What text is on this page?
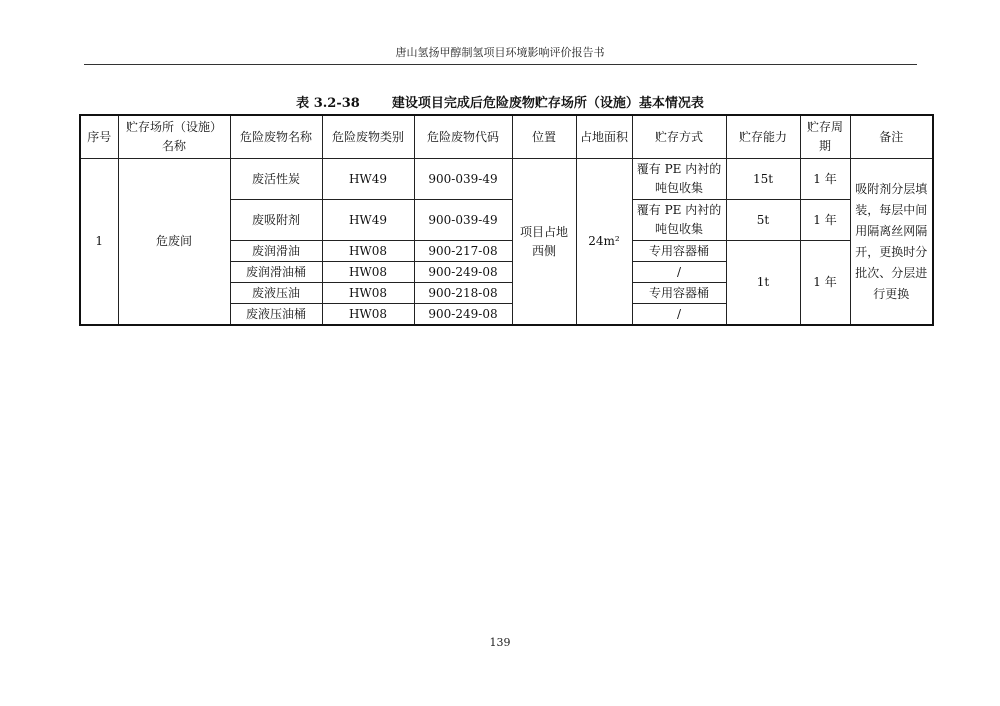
唐山氢扬甲醇制氢项目环境影响评价报告书
表 3.2-38 建设项目完成后危险废物贮存场所（设施）基本情况表
序号	贮存场所（设施）名称	危险废物名称	危险废物类别	危险废物代码	位置	占地面积	贮存方式	贮存能力	贮存周期	备注
1	危废间	废活性炭	HW49	900-039-49	项目占地西侧	24m²	覆有 PE 内衬的吨包收集	15t	1 年	吸附剂分层填装，每层中间用隔离丝网隔开，更换时分批次、分层进行更换
		废吸附剂	HW49	900-039-49			覆有 PE 内衬的吨包收集	5t	1 年	
		废润滑油	HW08	900-217-08			专用容器桶	1t	1 年	
		废润滑油桶	HW08	900-249-08			/			
		废液压油	HW08	900-218-08			专用容器桶			
		废液压油桶	HW08	900-249-08			/			
139
